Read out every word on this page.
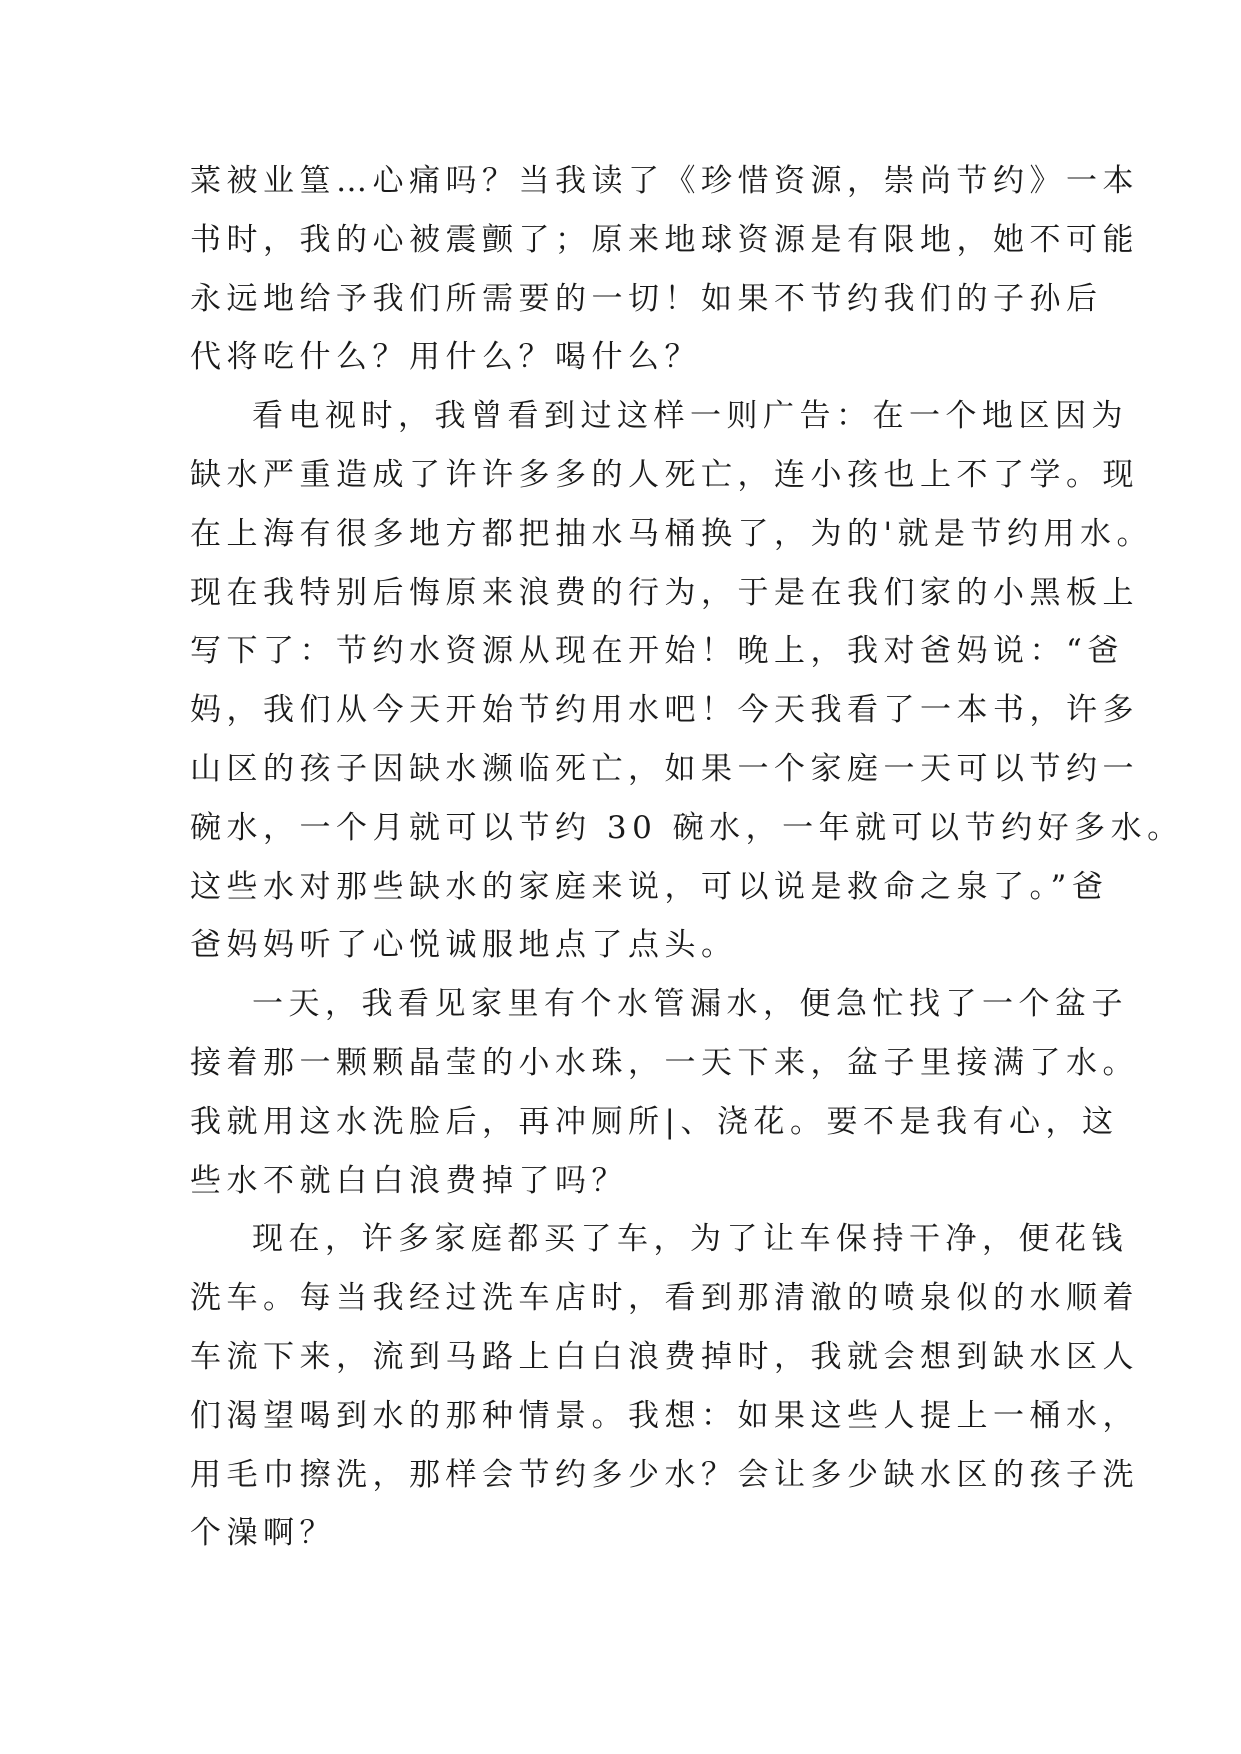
菜被业篁…心痛吗？当我读了《珍惜资源，崇尚节约》一本
书时，我的心被震颤了；原来地球资源是有限地，她不可能
永远地给予我们所需要的一切！如果不节约我们的子孙后
代将吃什么？用什么？喝什么？

看电视时，我曾看到过这样一则广告：在一个地区因为
缺水严重造成了许许多多的人死亡，连小孩也上不了学。现
在上海有很多地方都把抽水马桶换了，为的'就是节约用水。
现在我特别后悔原来浪费的行为，于是在我们家的小黑板上
写下了：节约水资源从现在开始！晚上，我对爸妈说：“爸
妈，我们从今天开始节约用水吧！今天我看了一本书，许多
山区的孩子因缺水濒临死亡，如果一个家庭一天可以节约一
碗水，一个月就可以节约 30 碗水，一年就可以节约好多水。
这些水对那些缺水的家庭来说，可以说是救命之泉了。”爸
爸妈妈听了心悦诚服地点了点头。

一天，我看见家里有个水管漏水，便急忙找了一个盆子
接着那一颗颗晶莹的小水珠，一天下来，盆子里接满了水。
我就用这水洗脸后，再冲厕所|、浇花。要不是我有心，这
些水不就白白浪费掉了吗？

现在，许多家庭都买了车，为了让车保持干净，便花钱
洗车。每当我经过洗车店时，看到那清澈的喷泉似的水顺着
车流下来，流到马路上白白浪费掉时，我就会想到缺水区人
们渴望喝到水的那种情景。我想：如果这些人提上一桶水，
用毛巾擦洗，那样会节约多少水？会让多少缺水区的孩子洗
个澡啊？
